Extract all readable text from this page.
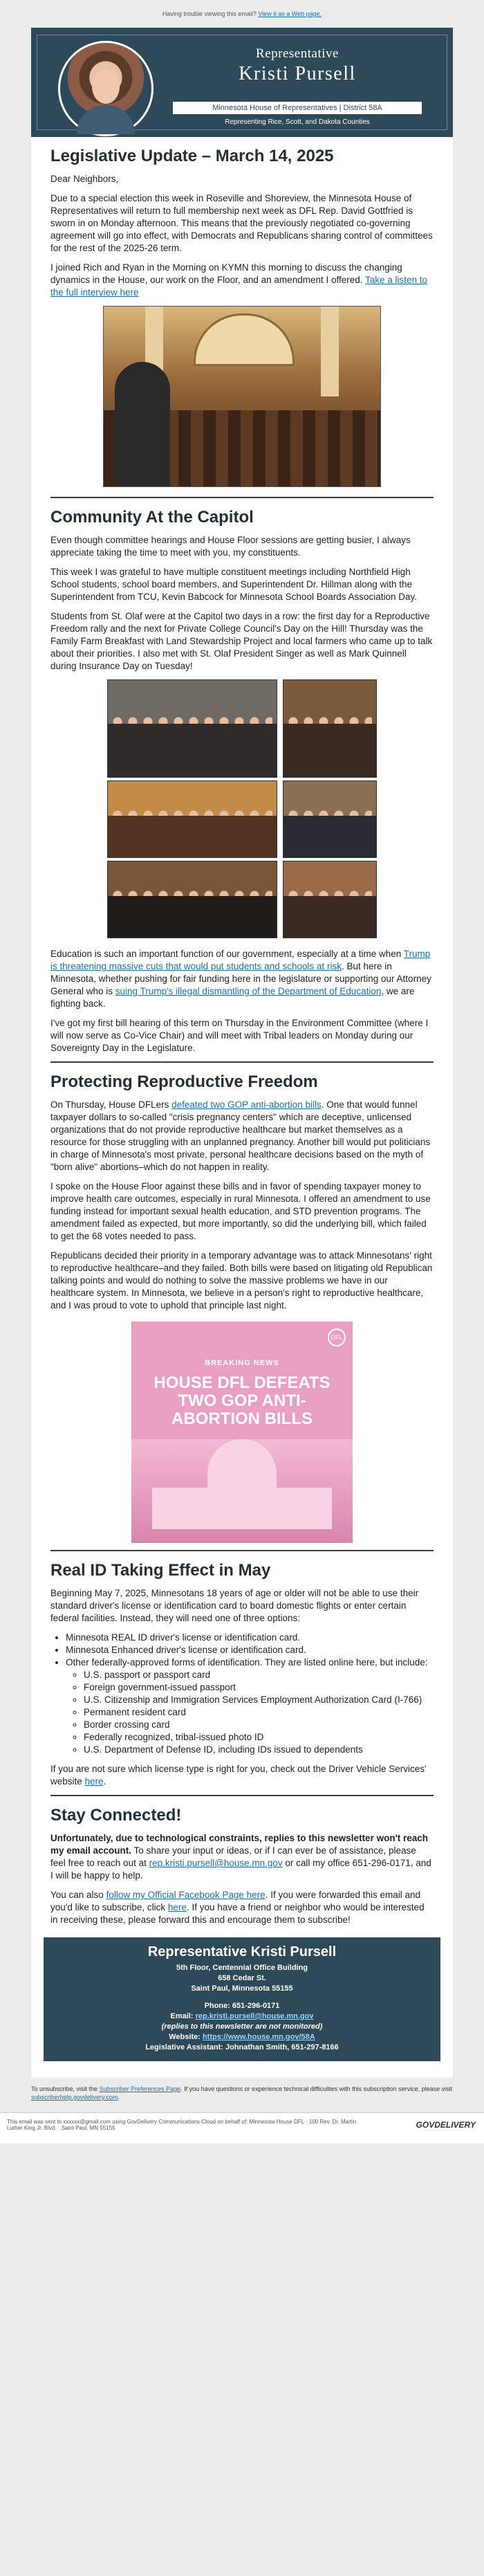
Having trouble viewing this email? View it as a Web page.
Representative
Kristi Pursell
Minnesota House of Representatives | District 58A
Representing Rice, Scott, and Dakota Counties
Legislative Update – March 14, 2025

Dear Neighbors,

Due to a special election this week in Roseville and Shoreview, the Minnesota House of Representatives will return to full membership next week as DFL Rep. David Gottfried is sworn in on Monday afternoon. This means that the previously negotiated co-governing agreement will go into effect, with Democrats and Republicans sharing control of committees for the rest of the 2025-26 term.

I joined Rich and Ryan in the Morning on KYMN this morning to discuss the changing dynamics in the House, our work on the Floor, and an amendment I offered. Take a listen to the full interview here

Community At the Capitol

Even though committee hearings and House Floor sessions are getting busier, I always appreciate taking the time to meet with you, my constituents.

This week I was grateful to have multiple constituent meetings including Northfield High School students, school board members, and Superintendent Dr. Hillman along with the Superintendent from TCU, Kevin Babcock for Minnesota School Boards Association Day.

Students from St. Olaf were at the Capitol two days in a row: the first day for a Reproductive Freedom rally and the next for Private College Council's Day on the Hill! Thursday was the Family Farm Breakfast with Land Stewardship Project and local farmers who came up to talk about their priorities. I also met with St. Olaf President Singer as well as Mark Quinnell during Insurance Day on Tuesday!

Education is such an important function of our government, especially at a time when Trump is threatening massive cuts that would put students and schools at risk. But here in Minnesota, whether pushing for fair funding here in the legislature or supporting our Attorney General who is suing Trump's illegal dismantling of the Department of Education, we are fighting back.

I've got my first bill hearing of this term on Thursday in the Environment Committee (where I will now serve as Co-Vice Chair) and will meet with Tribal leaders on Monday during our Sovereignty Day in the Legislature.

Protecting Reproductive Freedom

On Thursday, House DFLers defeated two GOP anti-abortion bills. One that would funnel taxpayer dollars to so-called "crisis pregnancy centers" which are deceptive, unlicensed organizations that do not provide reproductive healthcare but market themselves as a resource for those struggling with an unplanned pregnancy. Another bill would put politicians in charge of Minnesota's most private, personal healthcare decisions based on the myth of "born alive" abortions–which do not happen in reality.

I spoke on the House Floor against these bills and in favor of spending taxpayer money to improve health care outcomes, especially in rural Minnesota. I offered an amendment to use funding instead for important sexual health education, and STD prevention programs. The amendment failed as expected, but more importantly, so did the underlying bill, which failed to get the 68 votes needed to pass.

Republicans decided their priority in a temporary advantage was to attack Minnesotans' right to reproductive healthcare–and they failed. Both bills were based on litigating old Republican talking points and would do nothing to solve the massive problems we have in our healthcare system. In Minnesota, we believe in a person's right to reproductive healthcare, and I was proud to vote to uphold that principle last night.

DFL
BREAKING NEWS
HOUSE DFL DEFEATS TWO GOP ANTI-ABORTION BILLS
Real ID Taking Effect in May

Beginning May 7, 2025, Minnesotans 18 years of age or older will not be able to use their standard driver's license or identification card to board domestic flights or enter certain federal facilities. Instead, they will need one of three options:

• Minnesota REAL ID driver's license or identification card.
• Minnesota Enhanced driver's license or identification card.
• Other federally-approved forms of identification. They are listed online here, but include:
◦ U.S. passport or passport card
◦ Foreign government-issued passport
◦ U.S. Citizenship and Immigration Services Employment Authorization Card (I-766)
◦ Permanent resident card
◦ Border crossing card
◦ Federally recognized, tribal-issued photo ID
◦ U.S. Department of Defense ID, including IDs issued to dependents

If you are not sure which license type is right for you, check out the Driver Vehicle Services' website here.

Stay Connected!

Unfortunately, due to technological constraints, replies to this newsletter won't reach my email account. To share your input or ideas, or if I can ever be of assistance, please feel free to reach out at rep.kristi.pursell@house.mn.gov or call my office 651-296-0171, and I will be happy to help.

You can also follow my Official Facebook Page here. If you were forwarded this email and you'd like to subscribe, click here. If you have a friend or neighbor who would be interested in receiving these, please forward this and encourage them to subscribe!

Representative Kristi Pursell
5th Floor, Centennial Office Building
658 Cedar St.
Saint Paul, Minnesota 55155
Phone: 651-296-0171
Email: rep.kristi.pursell@house.mn.gov
(replies to this newsletter are not monitored)
Website: https://www.house.mn.gov/58A
Legislative Assistant: Johnathan Smith, 651-297-8166
To unsubscribe, visit the Subscriber Preferences Page. If you have questions or experience technical difficulties with this subscription service, please visit subscriberhelp.govdelivery.com.
This email was sent to xxxxxx@gmail.com using GovDelivery Communications Cloud on behalf of: Minnesota House DFL · 100 Rev. Dr. Martin Luther King Jr. Blvd. · Saint Paul, MN 55155	GOVDELIVERY
